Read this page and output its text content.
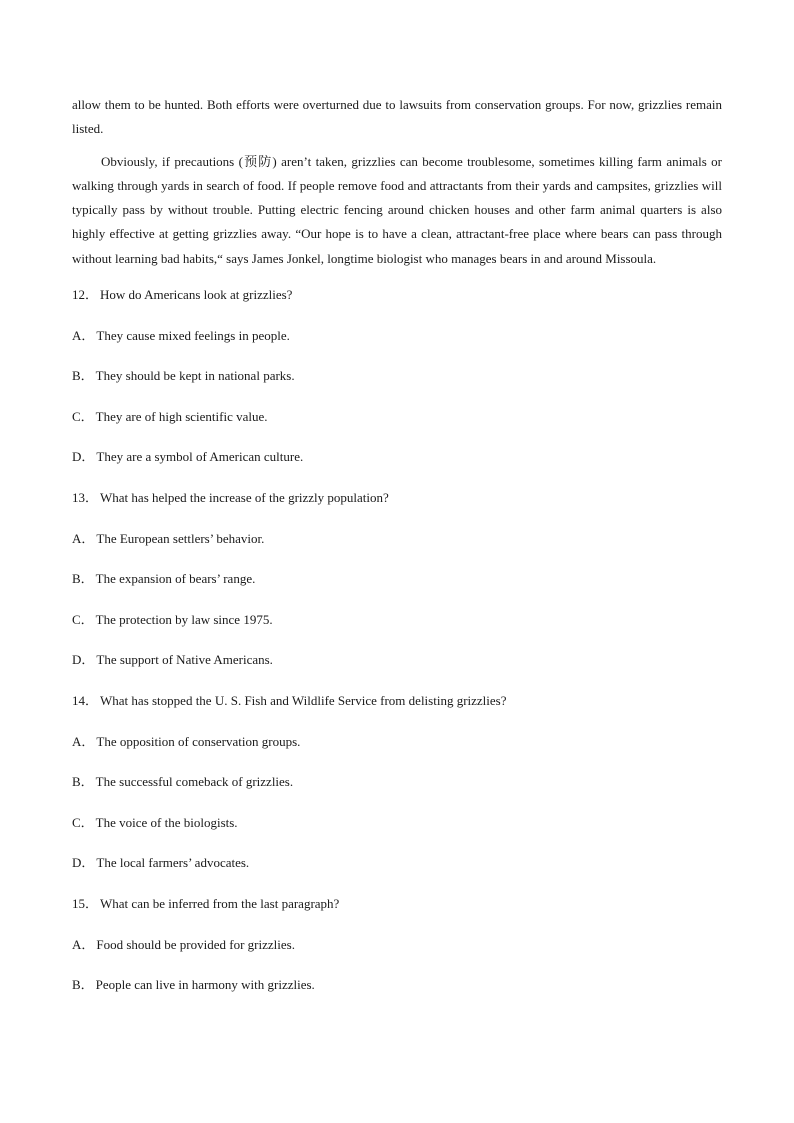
allow them to be hunted. Both efforts were overturned due to lawsuits from conservation groups. For now, grizzlies remain listed.

Obviously, if precautions (预防) aren’t taken, grizzlies can become troublesome, sometimes killing farm animals or walking through yards in search of food. If people remove food and attractants from their yards and campsites, grizzlies will typically pass by without trouble. Putting electric fencing around chicken houses and other farm animal quarters is also highly effective at getting grizzlies away. “Our hope is to have a clean, attractant-free place where bears can pass through without learning bad habits,“ says James Jonkel, longtime biologist who manages bears in and around Missoula.

12． How do Americans look at grizzlies?
A． They cause mixed feelings in people.
B． They should be kept in national parks.
C． They are of high scientific value.
D． They are a symbol of American culture.
13． What has helped the increase of the grizzly population?
A． The European settlers’ behavior.
B． The expansion of bears’ range.
C． The protection by law since 1975.
D． The support of Native Americans.
14． What has stopped the U. S. Fish and Wildlife Service from delisting grizzlies?
A． The opposition of conservation groups.
B． The successful comeback of grizzlies.
C． The voice of the biologists.
D． The local farmers’ advocates.
15． What can be inferred from the last paragraph?
A． Food should be provided for grizzlies.
B． People can live in harmony with grizzlies.
